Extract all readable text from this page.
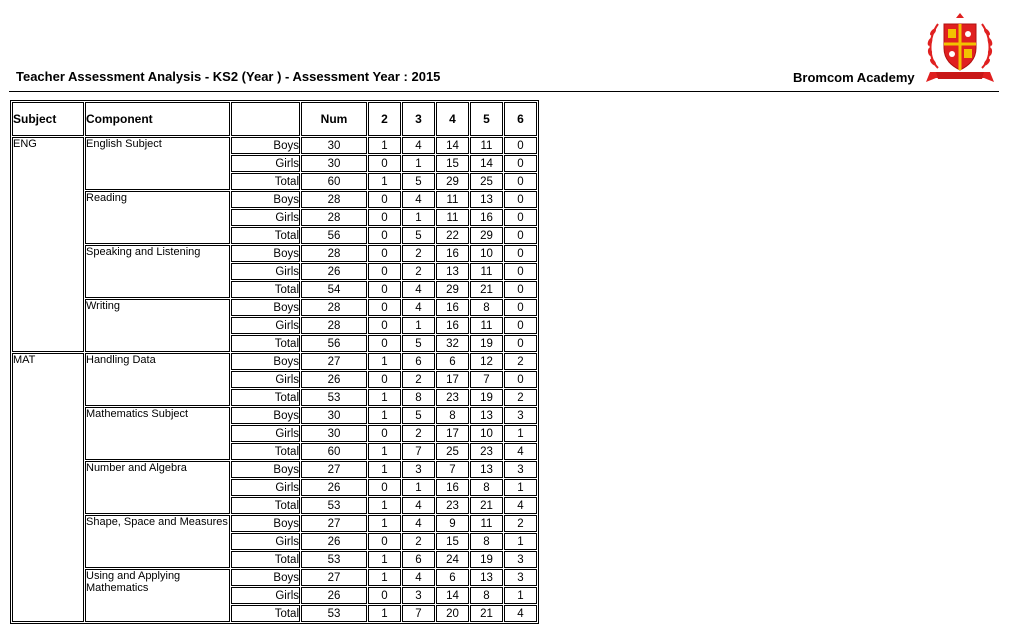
Teacher Assessment Analysis - KS2 (Year ) - Assessment Year : 2015	Bromcom Academy
Subject	Component		Num	2	3	4	5	6
ENG	English Subject	Boys	30	1	4	14	11	0
		Girls	30	0	1	15	14	0
		Total	60	1	5	29	25	0
	Reading	Boys	28	0	4	11	13	0
		Girls	28	0	1	11	16	0
		Total	56	0	5	22	29	0
	Speaking and Listening	Boys	28	0	2	16	10	0
		Girls	26	0	2	13	11	0
		Total	54	0	4	29	21	0
	Writing	Boys	28	0	4	16	8	0
		Girls	28	0	1	16	11	0
		Total	56	0	5	32	19	0
MAT	Handling Data	Boys	27	1	6	6	12	2
		Girls	26	0	2	17	7	0
		Total	53	1	8	23	19	2
	Mathematics Subject	Boys	30	1	5	8	13	3
		Girls	30	0	2	17	10	1
		Total	60	1	7	25	23	4
	Number and Algebra	Boys	27	1	3	7	13	3
		Girls	26	0	1	16	8	1
		Total	53	1	4	23	21	4
	Shape, Space and Measures	Boys	27	1	4	9	11	2
		Girls	26	0	2	15	8	1
		Total	53	1	6	24	19	3
	Using and Applying Mathematics	Boys	27	1	4	6	13	3
		Girls	26	0	3	14	8	1
		Total	53	1	7	20	21	4
